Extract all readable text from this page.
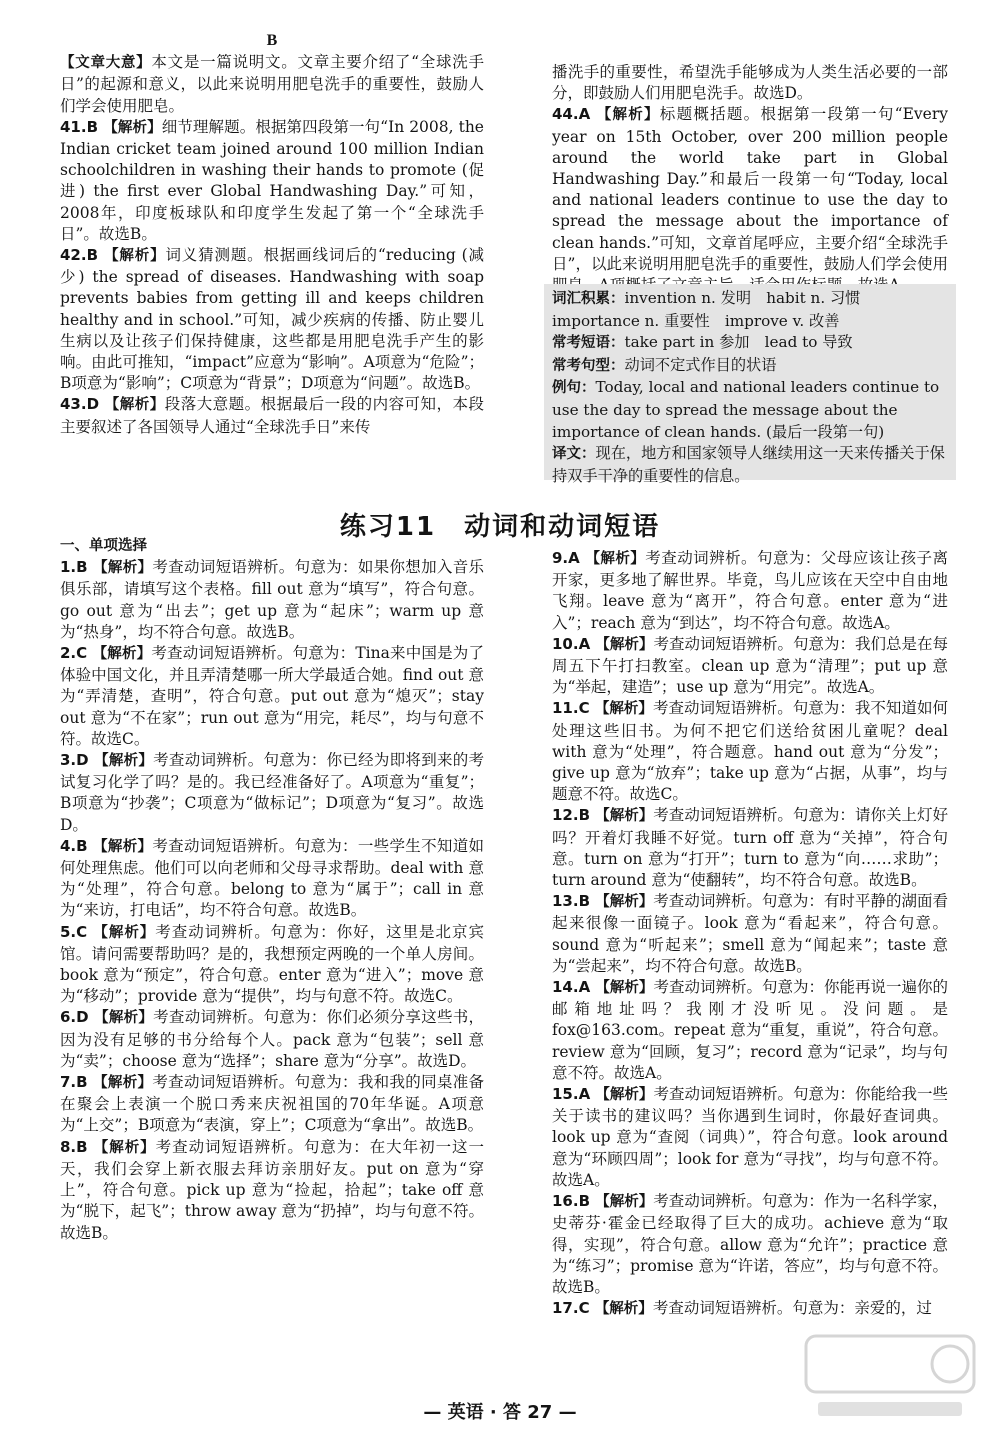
B

【文章大意】本文是一篇说明文。文章主要介绍了“全球洗手日”的起源和意义，以此来说明用肥皂洗手的重要性，鼓励人们学会使用肥皂。

41.B 【解析】细节理解题。根据第四段第一句“In 2008, the Indian cricket team joined around 100 million Indian schoolchildren in washing their hands to promote (促进) the first ever Global Handwashing Day.”可知，2008年，印度板球队和印度学生发起了第一个“全球洗手日”。故选B。

42.B 【解析】词义猜测题。根据画线词后的“reducing (减少) the spread of diseases. Handwashing with soap prevents babies from getting ill and keeps children healthy and in school.”可知，减少疾病的传播、防止婴儿生病以及让孩子们保持健康，这些都是用肥皂洗手产生的影响。由此可推知，“impact”应意为“影响”。A项意为“危险”；B项意为“影响”；C项意为“背景”；D项意为“问题”。故选B。

43.D 【解析】段落大意题。根据最后一段的内容可知，本段主要叙述了各国领导人通过“全球洗手日”来传

播洗手的重要性，希望洗手能够成为人类生活必要的一部分，即鼓励人们用肥皂洗手。故选D。

44.A 【解析】标题概括题。根据第一段第一句“Every year on 15th October, over 200 million people around the world take part in Global Handwashing Day.”和最后一段第一句“Today, local and national leaders continue to use the day to spread the message about the importance of clean hands.”可知，文章首尾呼应，主要介绍“全球洗手日”，以此来说明用肥皂洗手的重要性，鼓励人们学会使用

词汇积累：invention n. 发明　habit n. 习惯

importance n. 重要性　improve v. 改善

常考短语：take part in 参加　lead to 导致

常考句型：动词不定式作目的状语

例句：Today, local and national leaders continue to use the day to spread the message about the importance of clean hands. (最后一段第一句)

译文：现在，地方和国家领导人继续用这一天来传播关于保持双手干净的重要性的信息。

练习11　动词和动词短语
一、单项选择

1.B 【解析】考查动词短语辨析。句意为：如果你想加入音乐俱乐部，请填写这个表格。fill out 意为“填写”，符合句意。go out 意为“出去”；get up 意为“起床”；warm up 意为“热身”，均不符合句意。故选B。

2.C 【解析】考查动词短语辨析。句意为：Tina来中国是为了体验中国文化，并且弄清楚哪一所大学最适合她。find out 意为“弄清楚，查明”，符合句意。put out 意为“熄灭”；stay out 意为“不在家”；run out 意为“用完，耗尽”，均与句意不符。故选C。

3.D 【解析】考查动词辨析。句意为：你已经为即将到来的考试复习化学了吗？是的。我已经准备好了。A项意为“重复”；B项意为“抄袭”；C项意为“做标记”；D项意为“复习”。故选D。

4.B 【解析】考查动词短语辨析。句意为：一些学生不知道如何处理焦虑。他们可以向老师和父母寻求帮助。deal with 意为“处理”，符合句意。belong to 意为“属于”；call in 意为“来访，打电话”，均不符合句意。故选B。

5.C 【解析】考查动词辨析。句意为：你好，这里是北京宾馆。请问需要帮助吗？是的，我想预定两晚的一个单人房间。book 意为“预定”，符合句意。enter 意为“进入”；move 意为“移动”；provide 意为“提供”，均与句意不符。故选C。

6.D 【解析】考查动词辨析。句意为：你们必须分享这些书，因为没有足够的书分给每个人。pack 意为“包装”；sell 意为“卖”；choose 意为“选择”；share 意为“分享”。故选D。

7.B 【解析】考查动词短语辨析。句意为：我和我的同桌准备在聚会上表演一个脱口秀来庆祝祖国的70年华诞。A项意为“上交”；B项意为“表演，穿上”；C项意为“拿出”。故选B。

8.B 【解析】考查动词短语辨析。句意为：在大年初一这一天，我们会穿上新衣服去拜访亲朋好友。put on 意为“穿上”，符合句意。pick up 意为“捡起，拾起”；take off 意为“脱下，起飞”；throw away 意为“扔掉”，均与句意不符。故选B。

9.A 【解析】考查动词辨析。句意为：父母应该让孩子离开家，更多地了解世界。毕竟，鸟儿应该在天空中自由地飞翔。leave 意为“离开”，符合句意。enter 意为“进入”；reach 意为“到达”，均不符合句意。故选A。

10.A 【解析】考查动词短语辨析。句意为：我们总是在每周五下午打扫教室。clean up 意为“清理”；put up 意为“举起，建造”；use up 意为“用完”。故选A。

11.C 【解析】考查动词短语辨析。句意为：我不知道如何处理这些旧书。为何不把它们送给贫困儿童呢？deal with 意为“处理”，符合题意。hand out 意为“分发”；give up 意为“放弃”；take up 意为“占据，从事”，均与题意不符。故选C。

12.B 【解析】考查动词短语辨析。句意为：请你关上灯好吗？开着灯我睡不好觉。turn off 意为“关掉”，符合句意。turn on 意为“打开”；turn to 意为“向……求助”；turn around 意为“使翻转”，均不符合句意。故选B。

13.B 【解析】考查动词辨析。句意为：有时平静的湖面看起来很像一面镜子。look 意为“看起来”，符合句意。sound 意为“听起来”；smell 意为“闻起来”；taste 意为“尝起来”，均不符合句意。故选B。

14.A 【解析】考查动词辨析。句意为：你能再说一遍你的邮箱地址吗？我刚才没听见。没问题。是fox@163.com。repeat 意为“重复，重说”，符合句意。review 意为“回顾，复习”；record 意为“记录”，均与句意不符。故选A。

15.A 【解析】考查动词短语辨析。句意为：你能给我一些关于读书的建议吗？当你遇到生词时，你最好查词典。look up 意为“查阅（词典）”，符合句意。look around 意为“环顾四周”；look for 意为“寻找”，均与句意不符。故选A。

16.B 【解析】考查动词辨析。句意为：作为一名科学家，史蒂芬·霍金已经取得了巨大的成功。achieve 意为“取得，实现”，符合句意。allow 意为“允许”；practice 意为“练习”；promise 意为“许诺，答应”，均与句意不符。故选B。

17.C 【解析】考查动词短语辨析。句意为：亲爱的，过

— 英语 · 答 27 —
